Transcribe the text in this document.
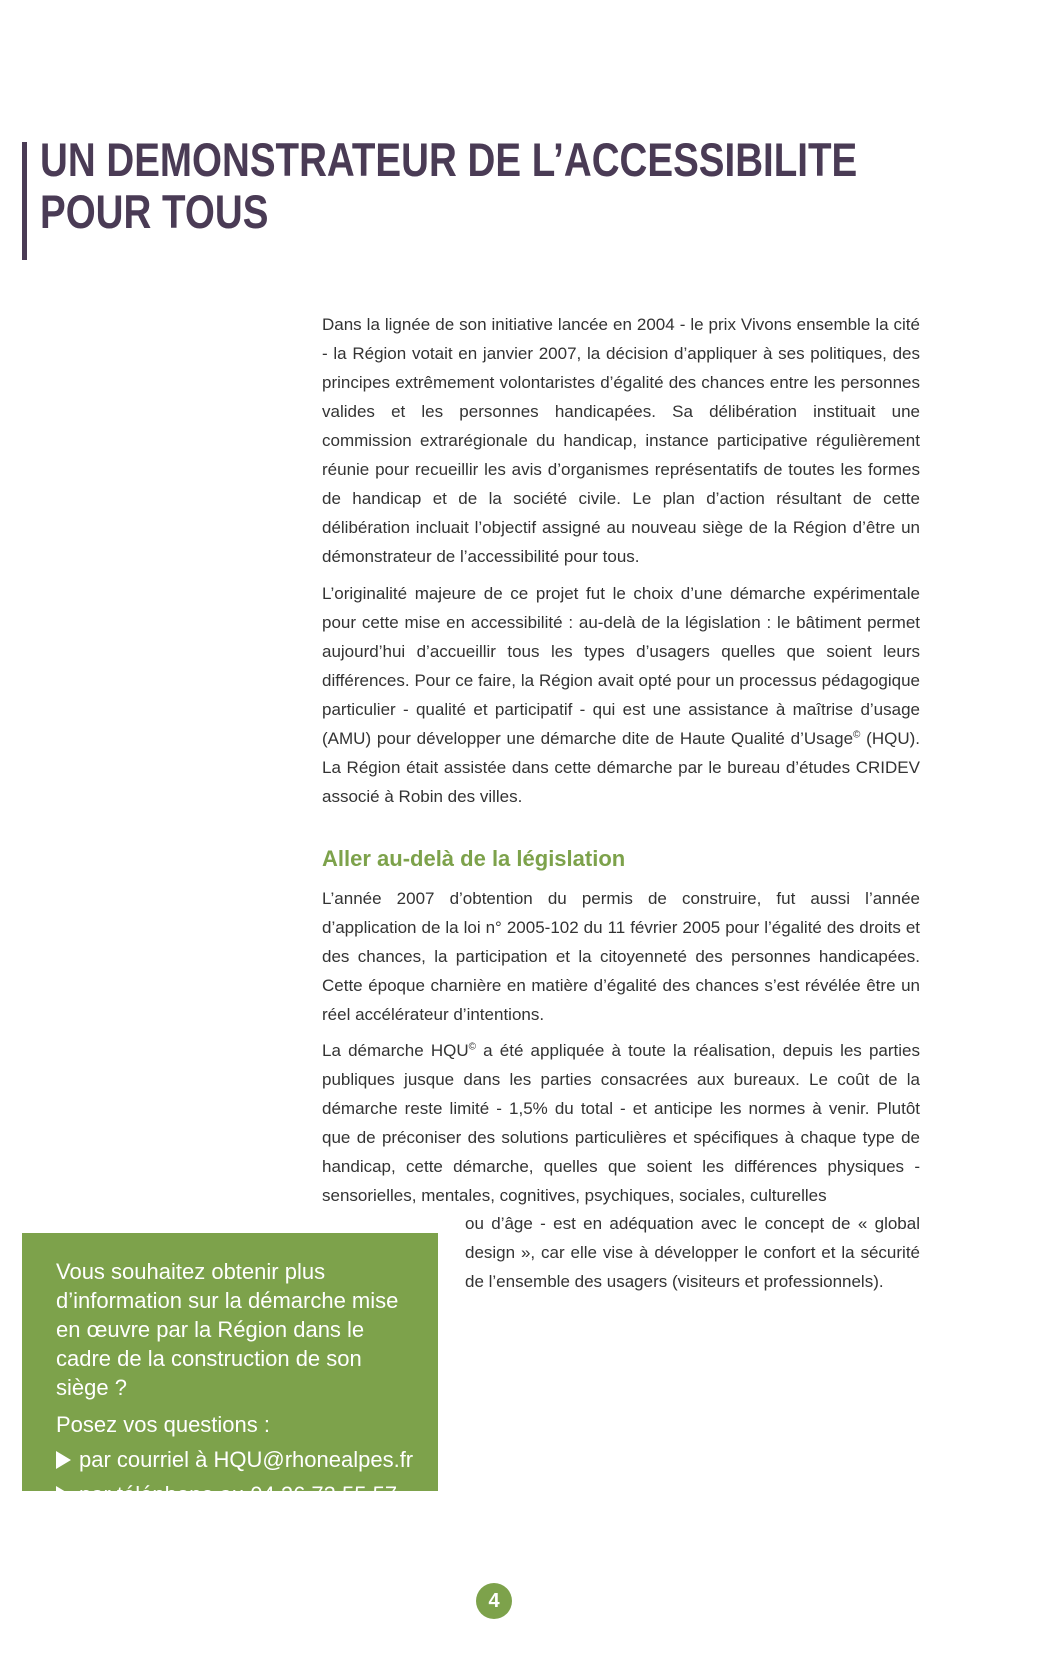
UN DEMONSTRATEUR DE L’ACCESSIBILITE
POUR TOUS

Dans la lignée de son initiative lancée en 2004 - le prix Vivons ensemble la cité - la Région votait en janvier 2007, la décision d’appliquer à ses politiques, des principes extrêmement volontaristes d’égalité des chances entre les personnes valides et les personnes handicapées. Sa délibération instituait une commission extrarégionale du handicap, instance participative régulièrement réunie pour recueillir les avis d’organismes représentatifs de toutes les formes de handicap et de la société civile. Le plan d’action résultant de cette délibération incluait l’objectif assigné au nouveau siège de la Région d’être un démonstrateur de l’accessibilité pour tous.

L’originalité majeure de ce projet fut le choix d’une démarche expérimentale pour cette mise en accessibilité : au-delà de la législation : le bâtiment permet aujourd’hui d’accueillir tous les types d’usagers quelles que soient leurs différences. Pour ce faire, la Région avait opté pour un processus pédagogique particulier - qualité et participatif - qui est une assistance à maîtrise d’usage (AMU) pour développer une démarche dite de Haute Qualité d’Usage© (HQU). La Région était assistée dans cette démarche par le bureau d’études CRIDEV associé à Robin des villes.

Aller au-delà de la législation

L’année 2007 d’obtention du permis de construire, fut aussi l’année d’application de la loi n° 2005-102 du 11 février 2005 pour l’égalité des droits et des chances, la participation et la citoyenneté des personnes handicapées. Cette époque charnière en matière d’égalité des chances s’est révélée être un réel accélérateur d’intentions.

La démarche HQU© a été appliquée à toute la réalisation, depuis les parties publiques jusque dans les parties consacrées aux bureaux. Le coût de la démarche reste limité - 1,5% du total - et anticipe les normes à venir. Plutôt que de préconiser des solutions particulières et spécifiques à chaque type de handicap, cette démarche, quelles que soient les différences physiques - sensorielles, mentales, cognitives, psychiques, sociales, culturelles

ou d’âge - est en adéquation avec le concept de « global design », car elle vise à développer le confort et la sécurité de l’ensemble des usagers (visiteurs et professionnels).

Vous souhaitez obtenir plus d’information sur la démarche mise en œuvre par la Région dans le cadre de la construction de son siège ?

Posez vos questions :

par courriel à HQU@rhonealpes.fr

par téléphone au 04 26 73 55 57

4
